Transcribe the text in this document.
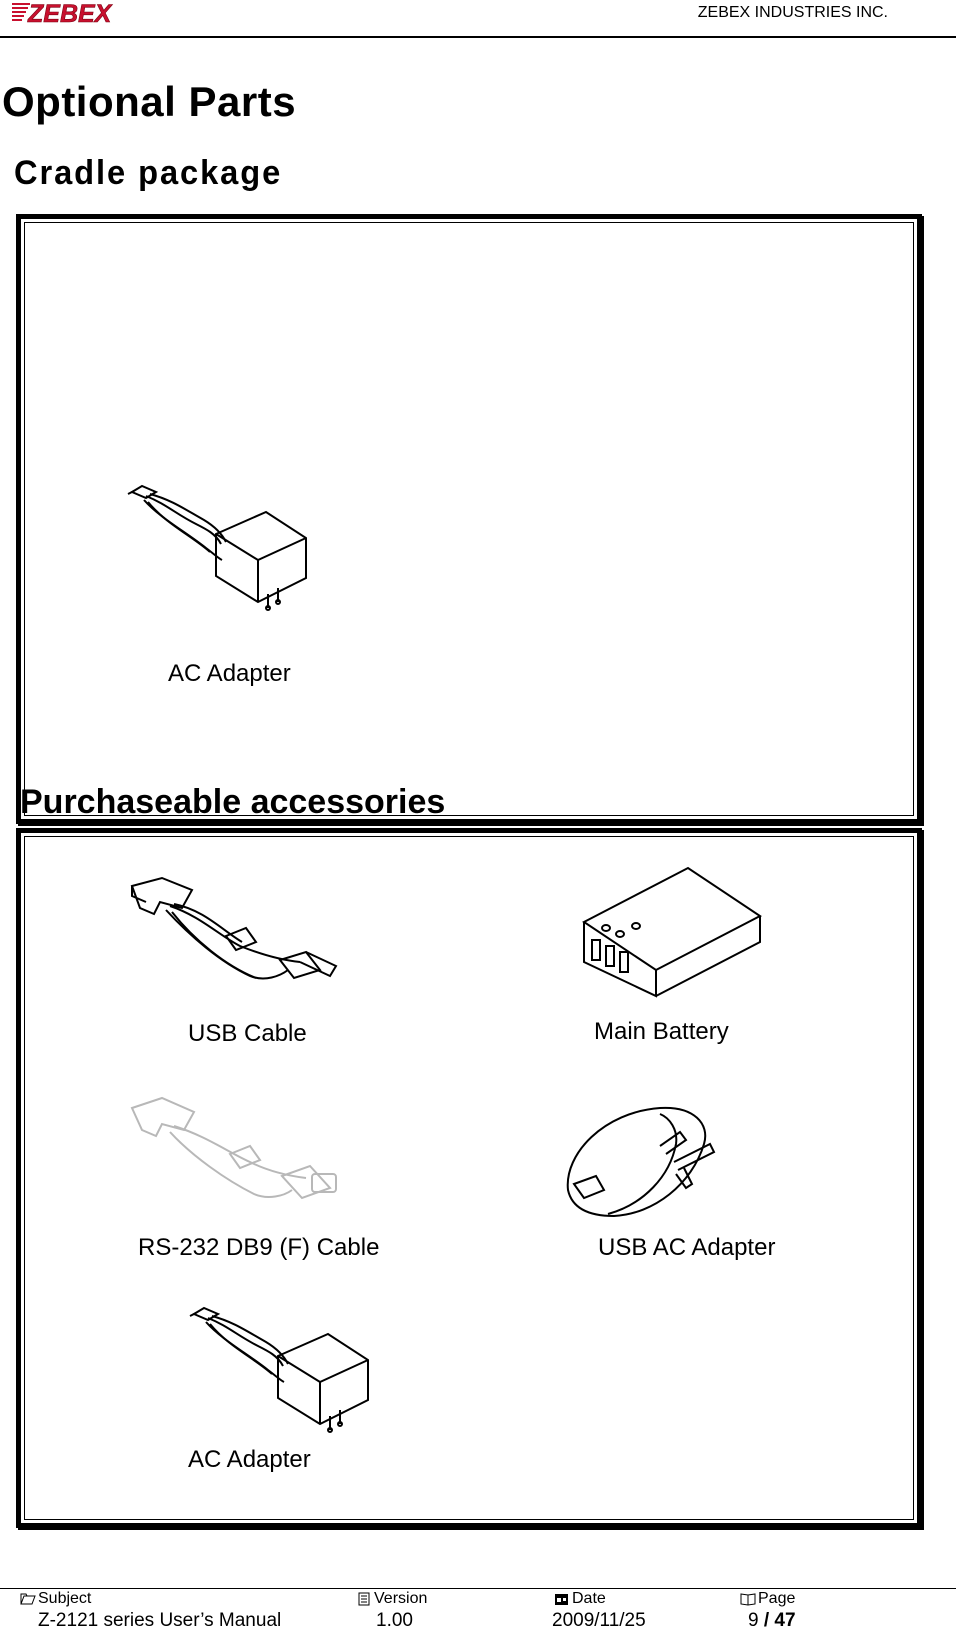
ZEBEX	ZEBEX INDUSTRIES INC.
Optional Parts
Cradle package
AC Adapter
Purchaseable accessories
USB Cable	Main Battery
RS-232 DB9 (F) Cable	USB AC Adapter
AC Adapter
Subject	Version	Date	Page
Z-2121 series User’s Manual	1.00	2009/11/25	9 / 47
